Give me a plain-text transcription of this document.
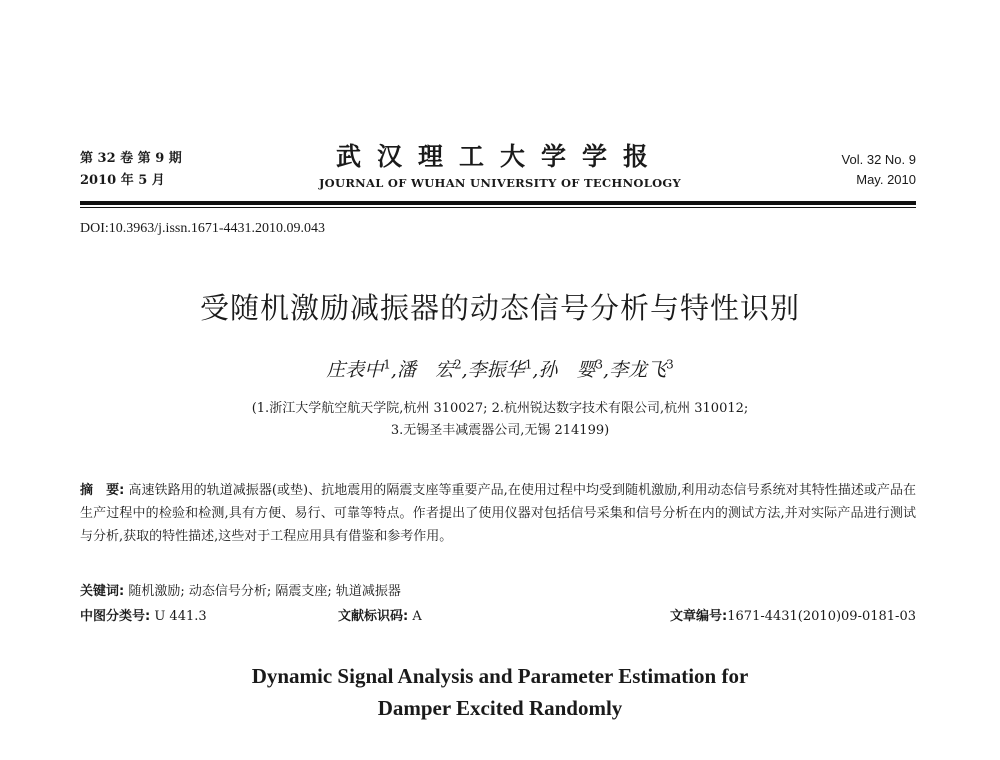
第 32 卷 第 9 期
2010 年 5 月
武汉理工大学学报
JOURNAL OF WUHAN UNIVERSITY OF TECHNOLOGY
Vol. 32 No. 9
May. 2010
DOI:10.3963/j.issn.1671-4431.2010.09.043
受随机激励减振器的动态信号分析与特性识别
庄表中$^1$,潘　宏$^2$,李振华$^1$,孙　婴$^3$,李龙飞$^3$
(1.浙江大学航空航天学院,杭州 310027; 2.杭州锐达数字技术有限公司,杭州 310012;
3.无锡圣丰减震器公司,无锡 214199)
摘　要: 高速铁路用的轨道减振器(或垫)、抗地震用的隔震支座等重要产品,在使用过程中均受到随机激励,利用动态信号系统对其特性描述或产品在生产过程中的检验和检测,具有方便、易行、可靠等特点。作者提出了使用仪器对包括信号采集和信号分析在内的测试方法,并对实际产品进行测试与分析,获取的特性描述,这些对于工程应用具有借鉴和参考作用。
关键词: 随机激励; 动态信号分析; 隔震支座; 轨道减振器
中图分类号: U 441.3	文献标识码: A	文章编号:1671-4431(2010)09-0181-03
Dynamic Signal Analysis and Parameter Estimation for
Damper Excited Randomly
